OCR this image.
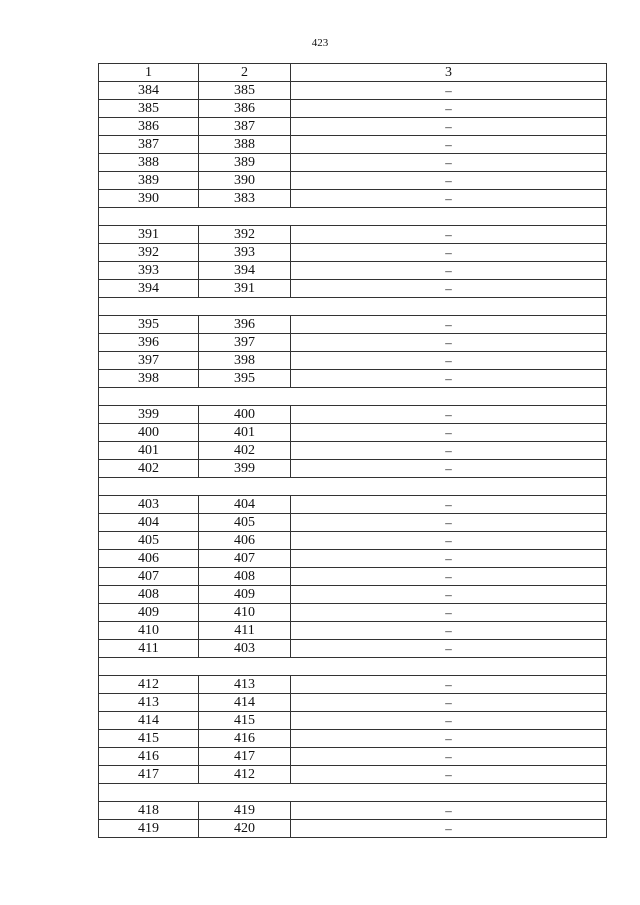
423
1	2	3
384	385	–
385	386	–
386	387	–
387	388	–
388	389	–
389	390	–
390	383	–

391	392	–
392	393	–
393	394	–
394	391	–

395	396	–
396	397	–
397	398	–
398	395	–

399	400	–
400	401	–
401	402	–
402	399	–

403	404	–
404	405	–
405	406	–
406	407	–
407	408	–
408	409	–
409	410	–
410	411	–
411	403	–

412	413	–
413	414	–
414	415	–
415	416	–
416	417	–
417	412	–

418	419	–
419	420	–
